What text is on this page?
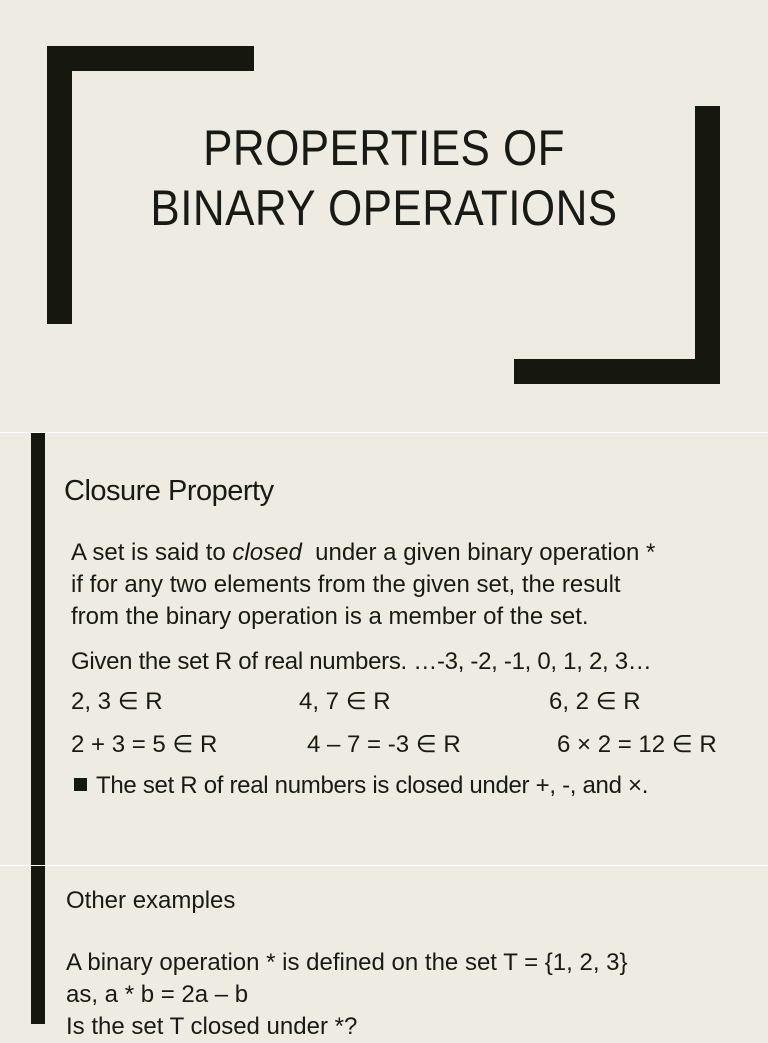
PROPERTIES OF
BINARY OPERATIONS
Closure Property
A set is said to closed  under a given binary operation *
if for any two elements from the given set, the result
from the binary operation is a member of the set.
Given the set R of real numbers. …-3, -2, -1, 0, 1, 2, 3…
2, 3 ∈ R	4, 7 ∈ R	6, 2 ∈ R
2 + 3 = 5 ∈ R	4 – 7 = -3 ∈ R	6 × 2 = 12 ∈ R
The set R of real numbers is closed under +, -, and ×.
Other examples
A binary operation * is defined on the set T = {1, 2, 3}
as, a * b = 2a – b
Is the set T closed under *?
